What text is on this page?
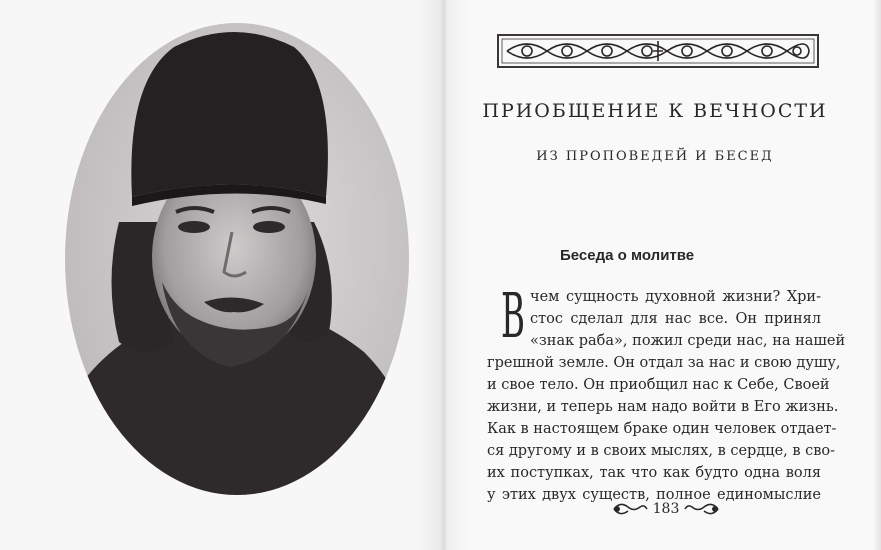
ПРИОБЩЕНИЕ К ВЕЧНОСТИ
ИЗ ПРОПОВЕДЕЙ И БЕСЕД
Беседа о молитве
В чем сущность духовной жизни? Хри-
стос сделал для нас все. Он принял
«знак раба», пожил среди нас, на нашей
грешной земле. Он отдал за нас и свою душу,
и свое тело. Он приобщил нас к Себе, Своей
жизни, и теперь нам надо войти в Его жизнь.
Как в настоящем браке один человек отдает-
ся другому и в своих мыслях, в сердце, в сво-
их поступках, так что как будто одна воля
у этих двух существ, полное единомыслие
183
